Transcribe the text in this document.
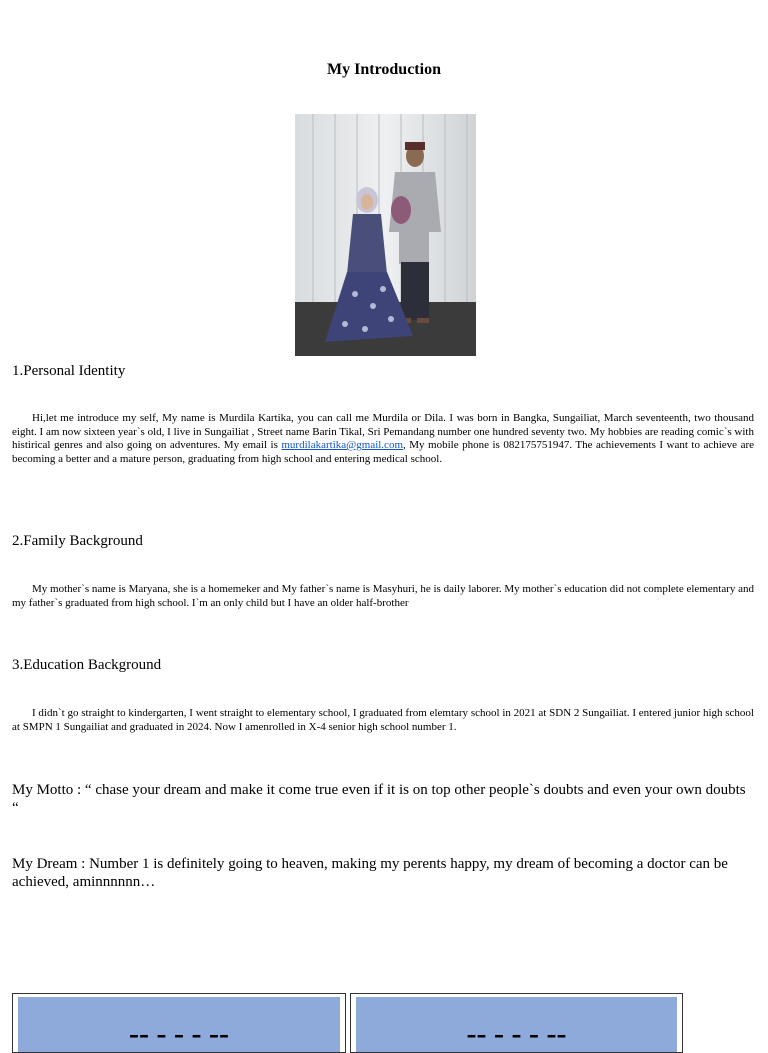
My Introduction
1.Personal Identity

Hi,let me introduce my self, My name is Murdila Kartika, you can call me Murdila or Dila. I was born in Bangka, Sungailiat, March seventeenth, two thousand eight. I am now sixteen year`s old, I live in Sungailiat , Street name Barin Tikal, Sri Pemandang number one hundred seventy two. My hobbies are reading comic`s with histirical genres and also going on adventures. My email is murdilakartika@gmail.com, My mobile phone is 082175751947. The achievements I want to achieve are becoming a better and a mature person, graduating from high school and entering medical school.

2.Family Background

My mother`s name is Maryana, she is a homemeker and My father`s name is Masyhuri, he is daily laborer. My mother`s education did not complete elementary and my father`s graduated from high school. I`m an only child but I have an older half-brother

3.Education Background

I didn`t go straight to kindergarten, I went straight to elementary school, I graduated from elemtary school in 2021 at SDN 2 Sungailiat. I entered junior high school at SMPN 1 Sungailiat and graduated in 2024. Now I amenrolled in X-4 senior high school number 1.

My Motto : “ chase your dream and make it come true even if it is on top other people`s doubts and even your own doubts “
My Dream : Number 1 is definitely going to heaven, making my perents happy, my dream of becoming a doctor can be achieved, aminnnnnn…
-- - - - --	-- - - - --
